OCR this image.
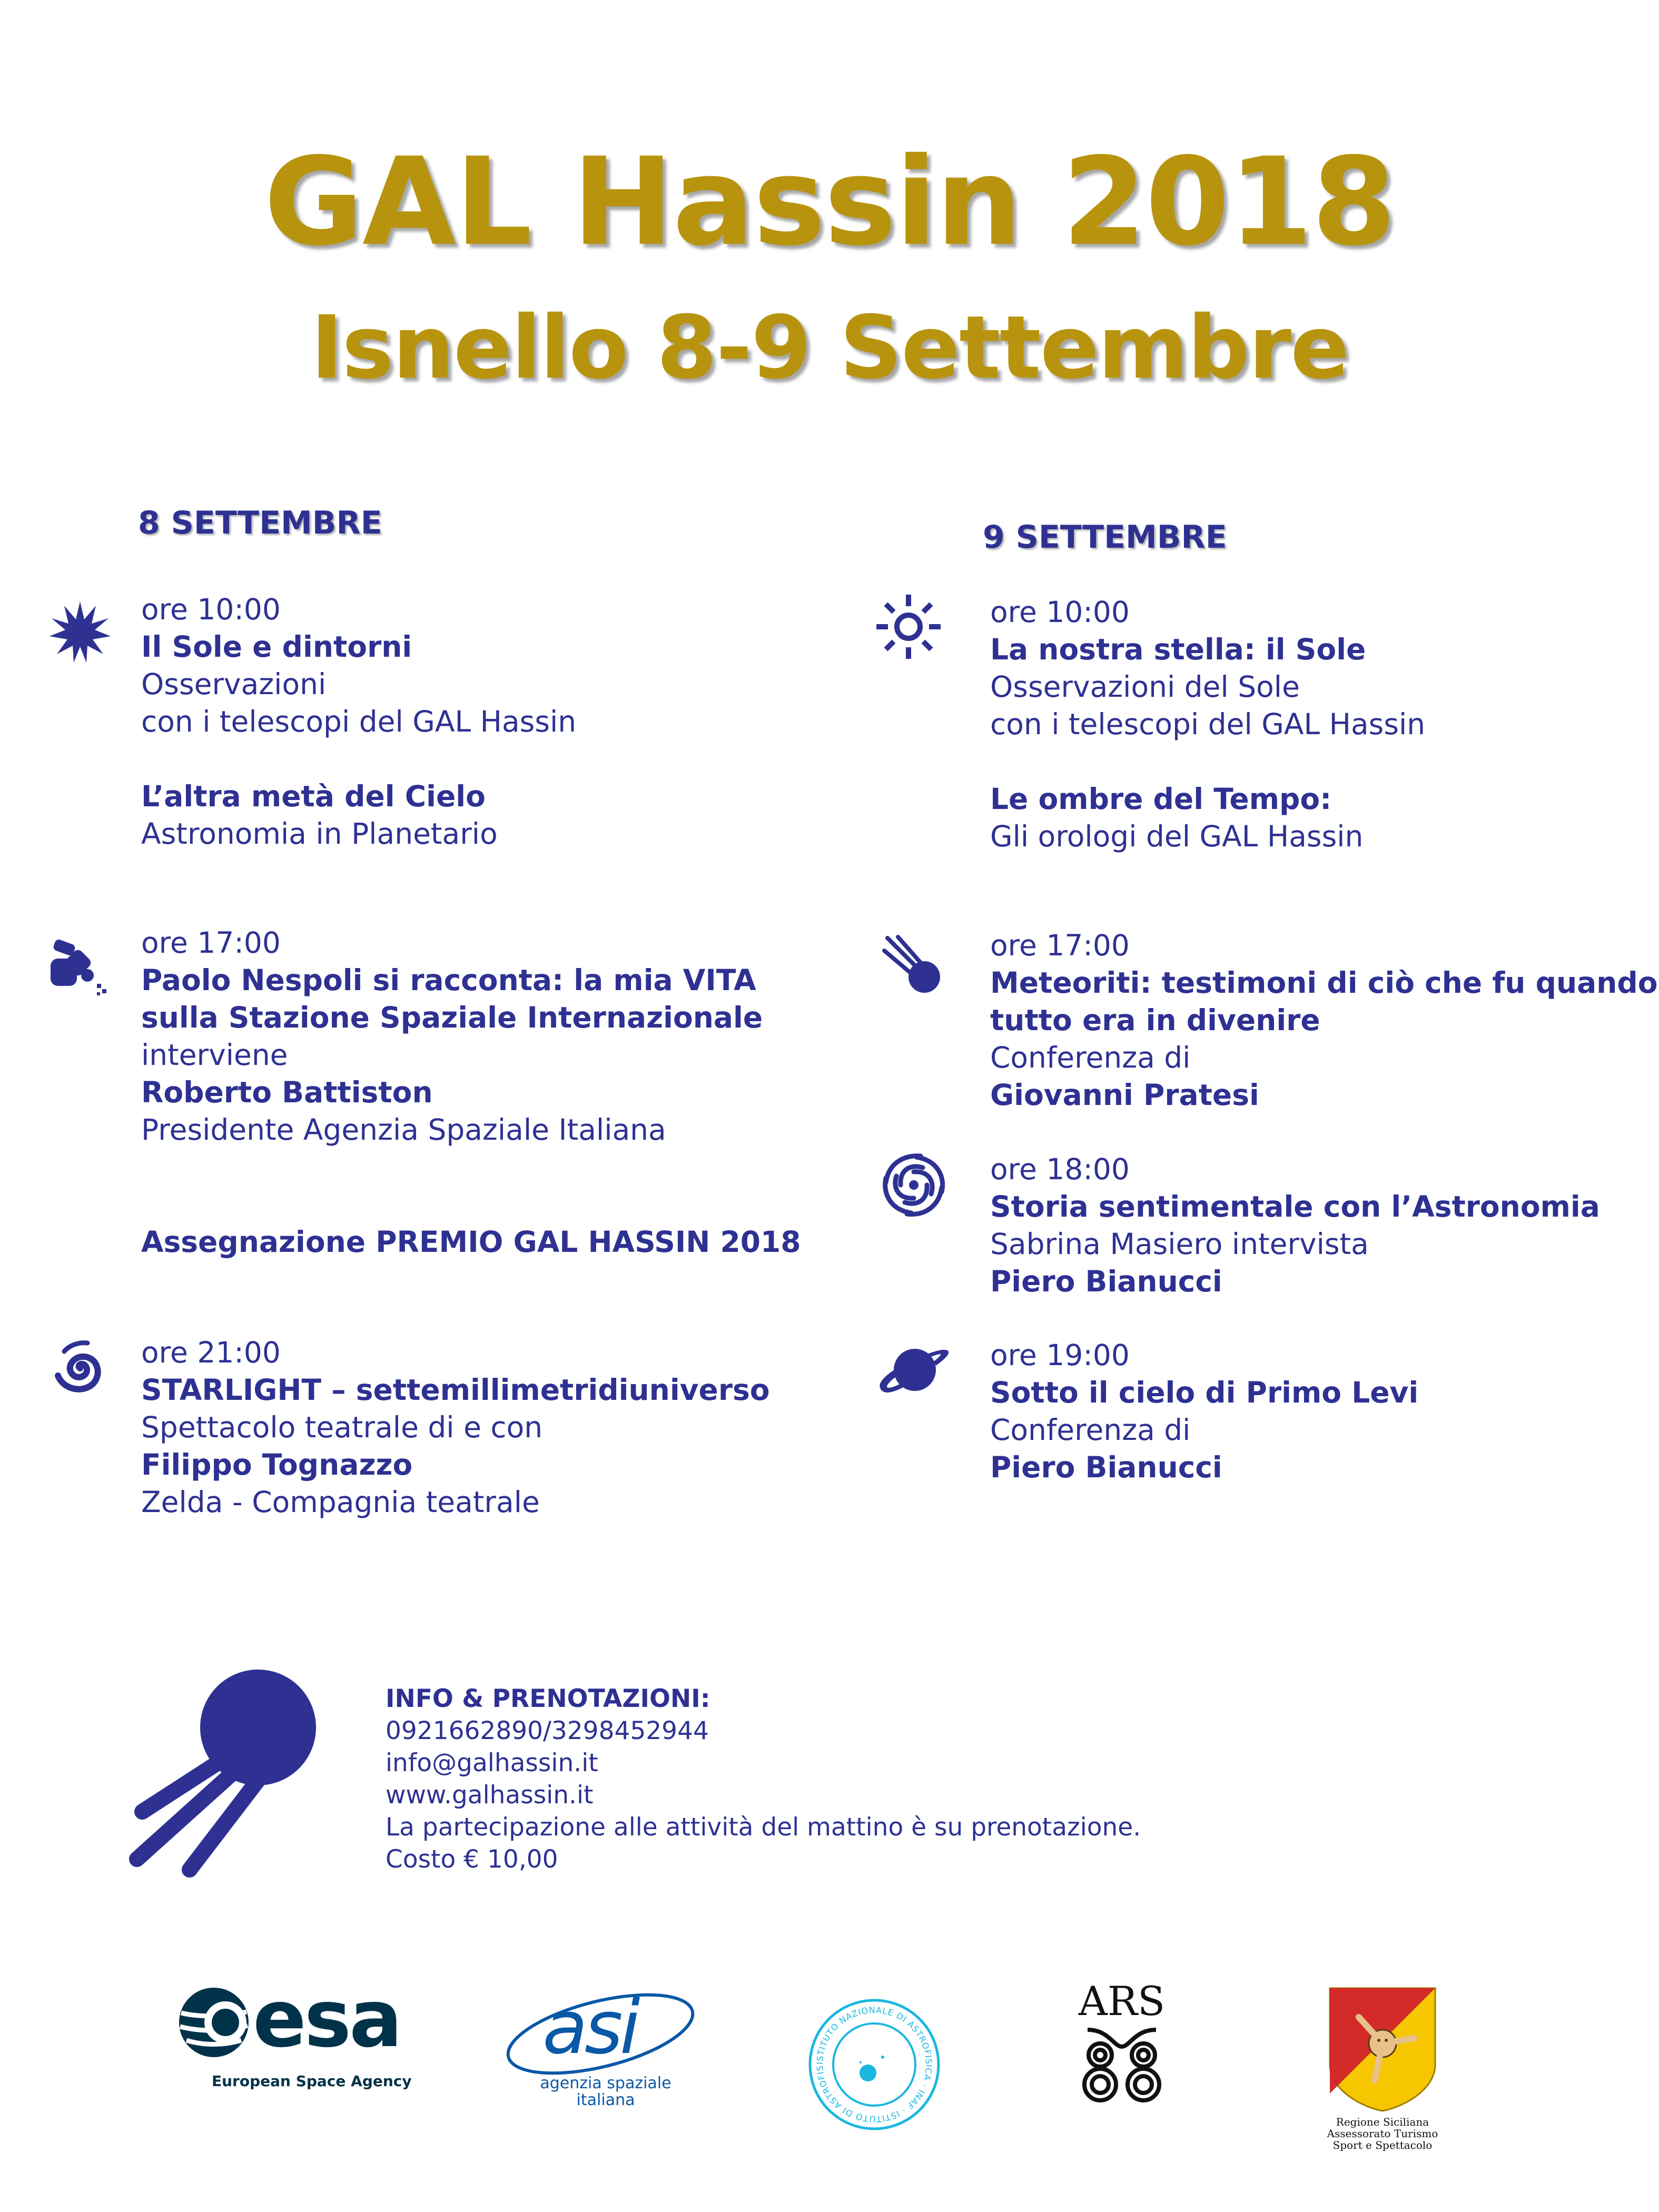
GAL Hassin 2018
Isnello 8-9 Settembre
8 SETTEMBRE	9 SETTEMBRE
ore 10:00
Il Sole e dintorni
Osservazioni
con i telescopi del GAL Hassin
L’altra metà del Cielo
Astronomia in Planetario
ore 17:00
Paolo Nespoli si racconta: la mia VITA
sulla Stazione Spaziale Internazionale
interviene
Roberto Battiston
Presidente Agenzia Spaziale Italiana
Assegnazione PREMIO GAL HASSIN 2018
ore 21:00
STARLIGHT – settemillimetridiuniverso
Spettacolo teatrale di e con
Filippo Tognazzo
Zelda - Compagnia teatrale
ore 10:00
La nostra stella: il Sole
Osservazioni del Sole
con i telescopi del GAL Hassin
Le ombre del Tempo:
Gli orologi del GAL Hassin
ore 17:00
Meteoriti: testimoni di ciò che fu quando
tutto era in divenire
Conferenza di
Giovanni Pratesi
ore 18:00
Storia sentimentale con l’Astronomia
Sabrina Masiero intervista
Piero Bianucci
ore 19:00
Sotto il cielo di Primo Levi
Conferenza di
Piero Bianucci
INFO & PRENOTAZIONI:
0921662890/3298452944
info@galhassin.it
www.galhassin.it
La partecipazione alle attività del mattino è su prenotazione.
Costo € 10,00
esa
European Space Agency
asi
agenzia spaziale
italiana
ISTITUTO NAZIONALE DI ASTROFISICA · INAF · ISTITUTO DI ASTROFIS
ARS
Regione Siciliana
Assessorato Turismo
Sport e Spettacolo
